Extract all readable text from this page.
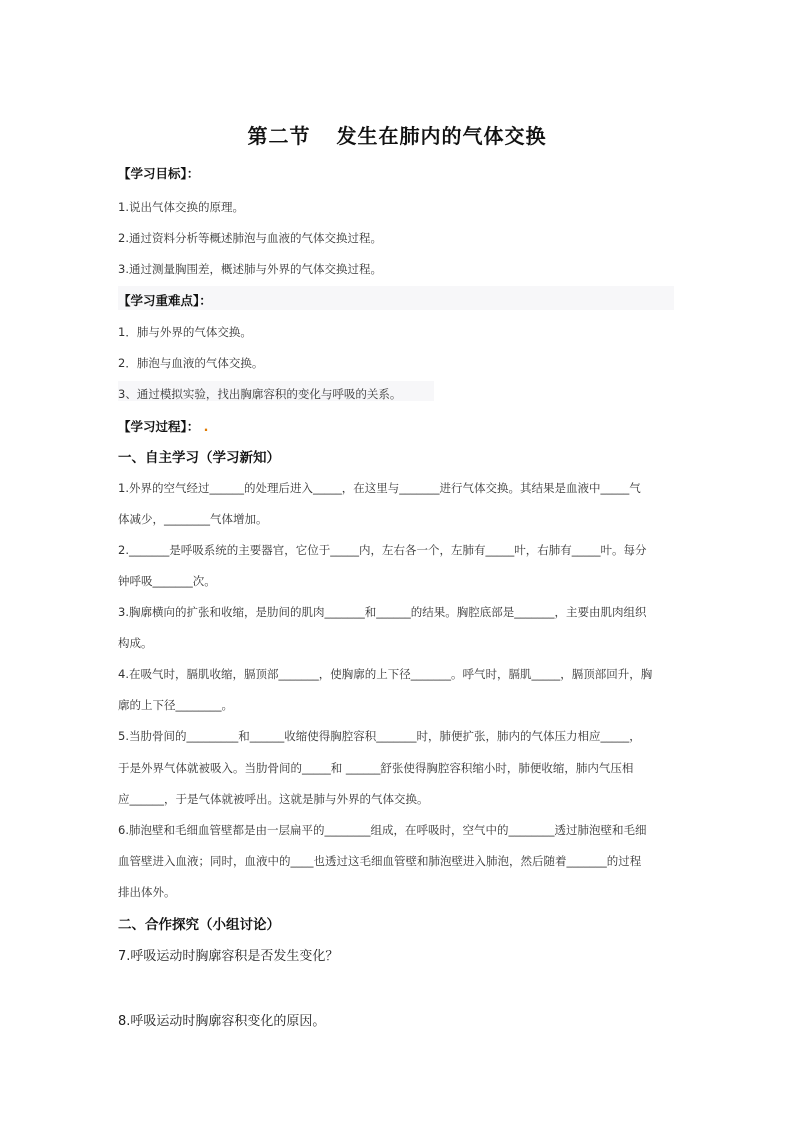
第二节 发生在肺内的气体交换
【学习目标】：
1.说出气体交换的原理。
2.通过资料分析等概述肺泡与血液的气体交换过程。
3.通过测量胸围差，概述肺与外界的气体交换过程。
【学习重难点】：
1．肺与外界的气体交换。
2．肺泡与血液的气体交换。
3、通过模拟实验，找出胸廓容积的变化与呼吸的关系。
【学习过程】： .
一、自主学习（学习新知）
1.外界的空气经过______的处理后进入_____，在这里与_______进行气体交换。其结果是血液中_____气
体减少，________气体增加。
2._______是呼吸系统的主要器官，它位于_____内，左右各一个，左肺有_____叶，右肺有_____叶。每分
钟呼吸_______次。
3.胸廓横向的扩张和收缩，是肋间的肌肉_______和______的结果。胸腔底部是_______，主要由肌肉组织
构成。
4.在吸气时，膈肌收缩，膈顶部_______，使胸廓的上下径_______。呼气时，膈肌_____，膈顶部回升，胸
廓的上下径________。
5.当肋骨间的_________和______收缩使得胸腔容积_______时，肺便扩张，肺内的气体压力相应_____，
于是外界气体就被吸入。当肋骨间的_____和 ______舒张使得胸腔容积缩小时，肺便收缩，肺内气压相
应______，于是气体就被呼出。这就是肺与外界的气体交换。
6.肺泡壁和毛细血管壁都是由一层扁平的________组成，在呼吸时，空气中的________透过肺泡壁和毛细
血管壁进入血液；同时，血液中的____也透过这毛细血管壁和肺泡壁进入肺泡，然后随着_______的过程
排出体外。
二、合作探究（小组讨论）
7.呼吸运动时胸廓容积是否发生变化？
8.呼吸运动时胸廓容积变化的原因。
